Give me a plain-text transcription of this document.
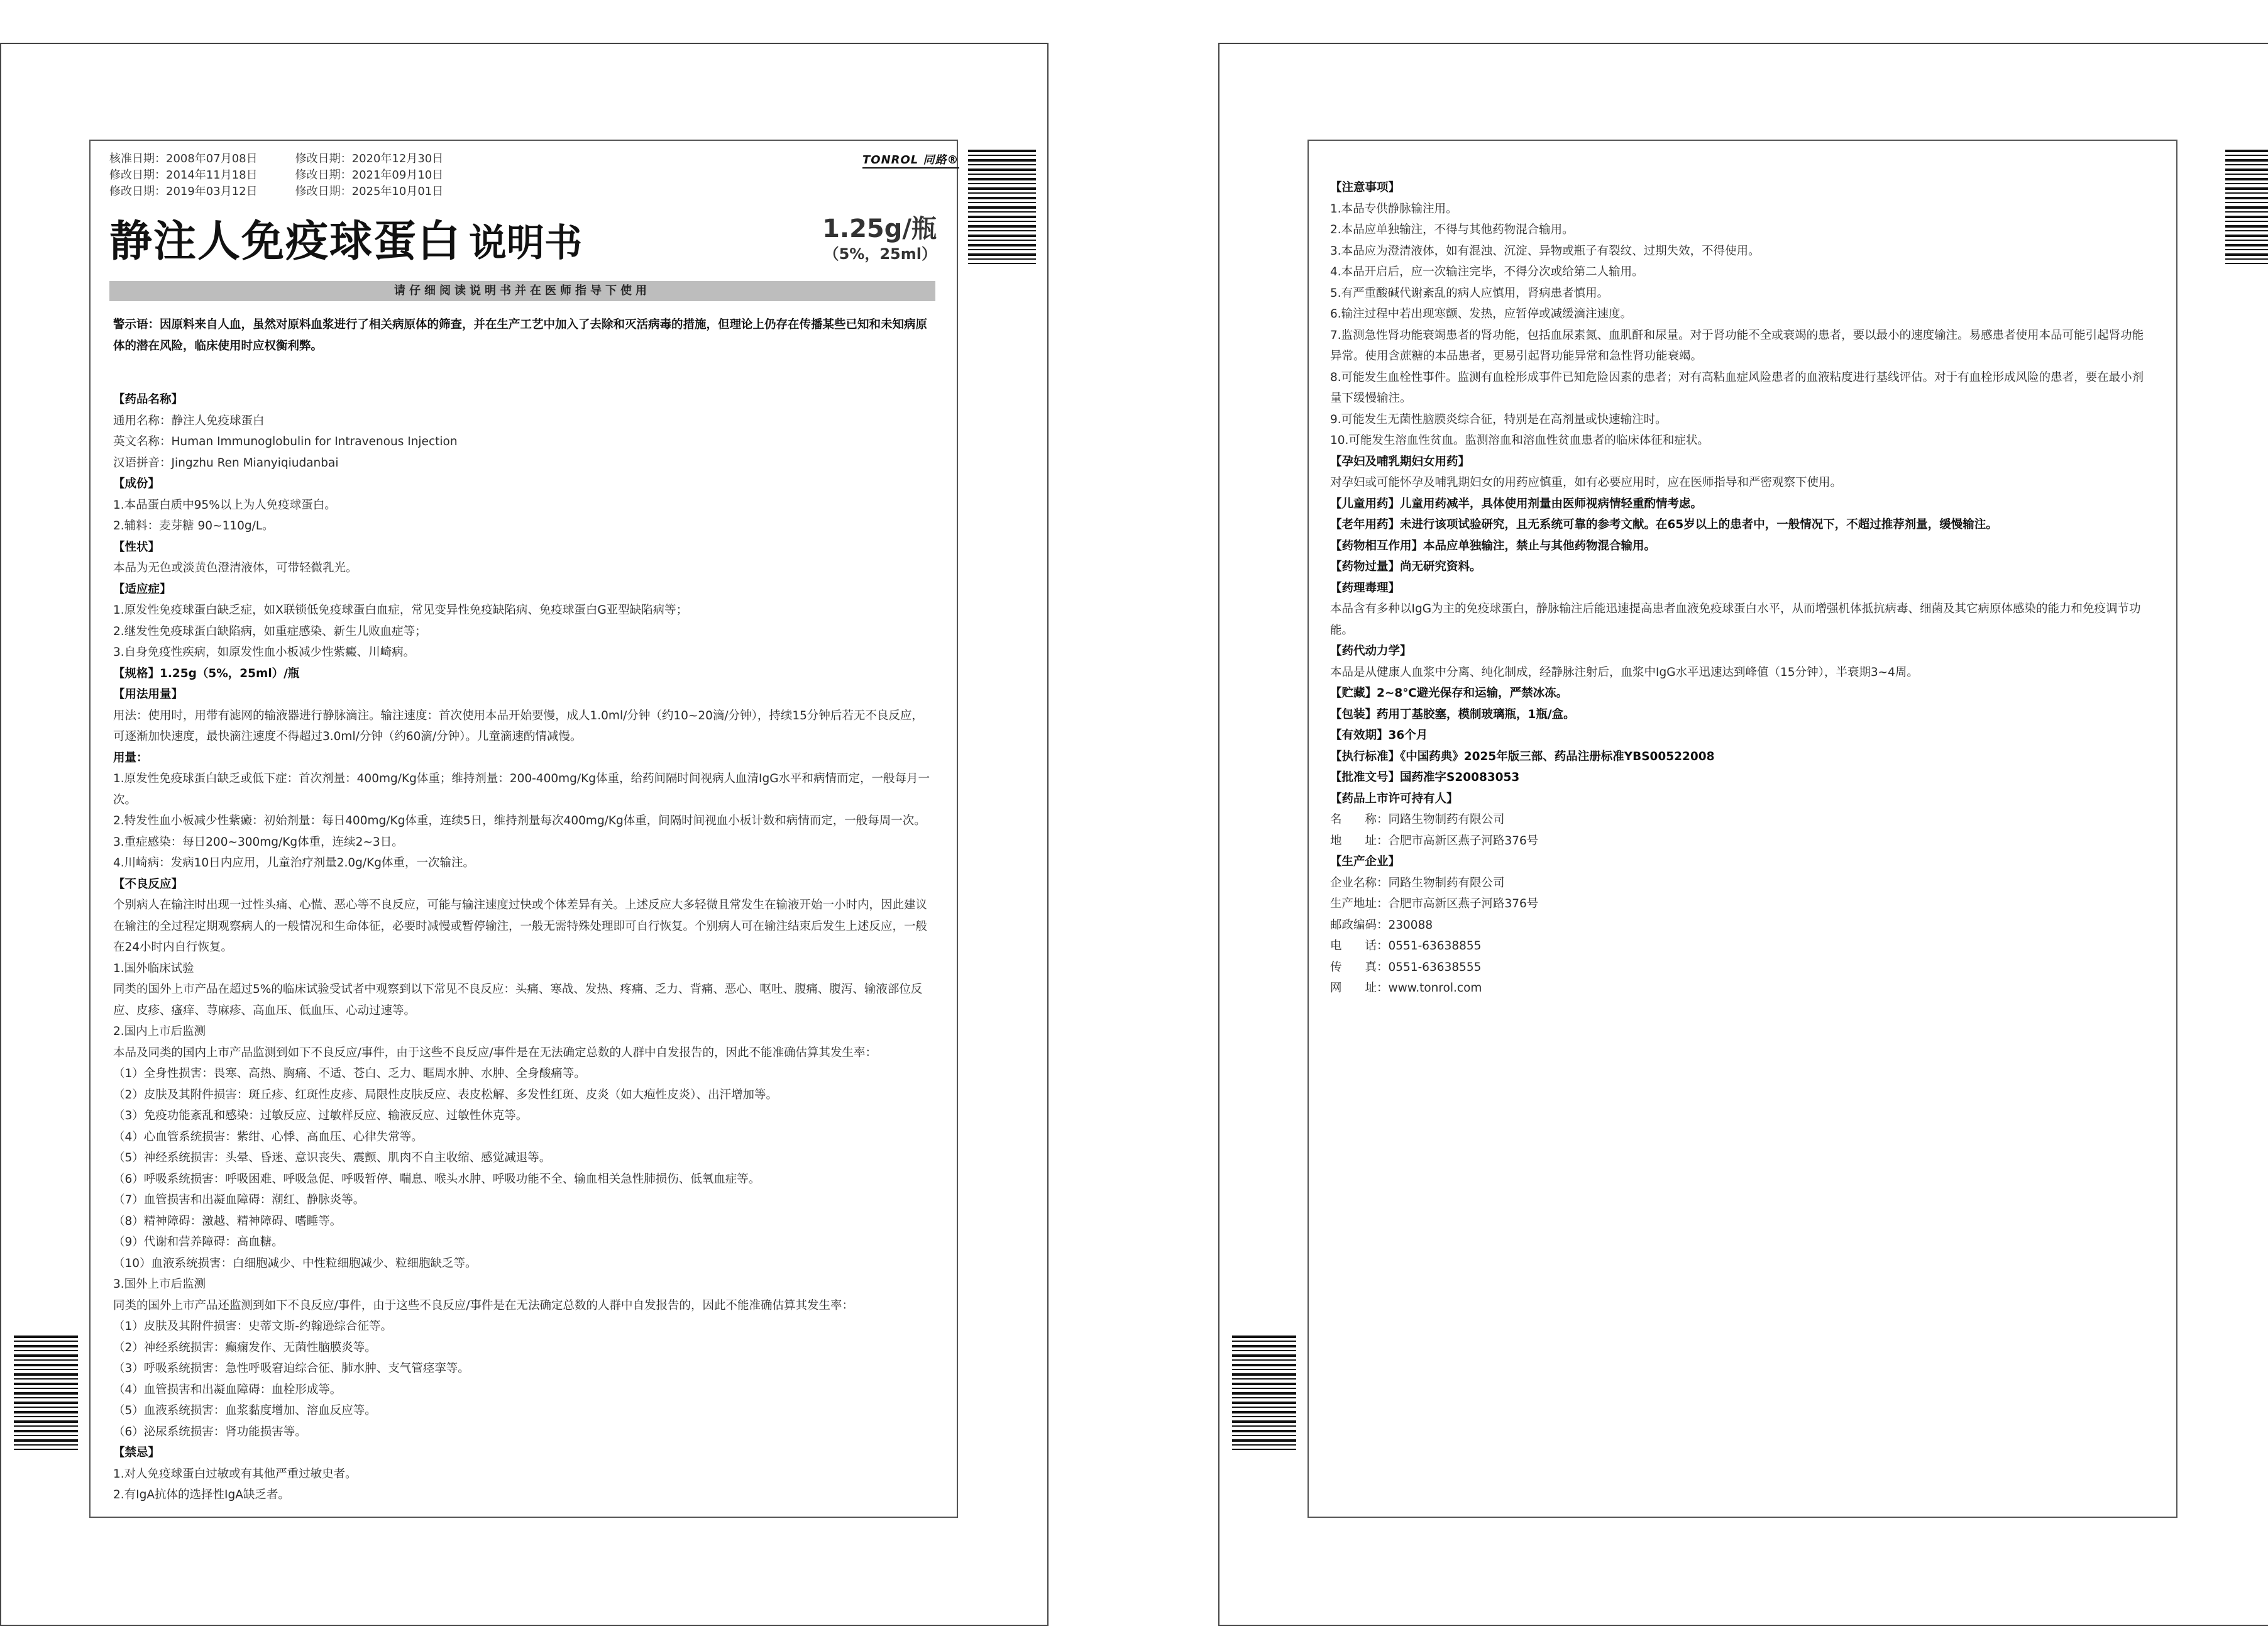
核准日期：2008年07月08日	修改日期：2020年12月30日
修改日期：2014年11月18日	修改日期：2021年09月10日
修改日期：2019年03月12日	修改日期：2025年10月01日
TONROL 同路®
静注人免疫球蛋白 说明书	1.25g/瓶
（5%，25ml）
请仔细阅读说明书并在医师指导下使用
警示语：因原料来自人血，虽然对原料血浆进行了相关病原体的筛查，并在生产工艺中加入了去除和灭活病毒的措施，但理论上仍存在传播某些已知和未知病原体的潜在风险，临床使用时应权衡利弊。
【药品名称】
通用名称：静注人免疫球蛋白
英文名称：Human Immunoglobulin for Intravenous Injection
汉语拼音：Jingzhu Ren Mianyiqiudanbai
【成份】
1.本品蛋白质中95%以上为人免疫球蛋白。
2.辅料：麦芽糖 90~110g/L。
【性状】
本品为无色或淡黄色澄清液体，可带轻微乳光。
【适应症】
1.原发性免疫球蛋白缺乏症，如X联锁低免疫球蛋白血症，常见变异性免疫缺陷病、免疫球蛋白G亚型缺陷病等；
2.继发性免疫球蛋白缺陷病，如重症感染、新生儿败血症等；
3.自身免疫性疾病，如原发性血小板减少性紫癜、川崎病。
【规格】1.25g（5%，25ml）/瓶
【用法用量】
用法：使用时，用带有滤网的输液器进行静脉滴注。输注速度：首次使用本品开始要慢，成人1.0ml/分钟（约10~20滴/分钟），持续15分钟后若无不良反应，可逐渐加快速度，最快滴注速度不得超过3.0ml/分钟（约60滴/分钟）。儿童滴速酌情减慢。
用量：
1.原发性免疫球蛋白缺乏或低下症：首次剂量：400mg/Kg体重；维持剂量：200-400mg/Kg体重，给药间隔时间视病人血清IgG水平和病情而定，一般每月一次。
2.特发性血小板减少性紫癜：初始剂量：每日400mg/Kg体重，连续5日，维持剂量每次400mg/Kg体重，间隔时间视血小板计数和病情而定，一般每周一次。
3.重症感染：每日200~300mg/Kg体重，连续2~3日。
4.川崎病：发病10日内应用，儿童治疗剂量2.0g/Kg体重，一次输注。
【不良反应】
个别病人在输注时出现一过性头痛、心慌、恶心等不良反应，可能与输注速度过快或个体差异有关。上述反应大多轻微且常发生在输液开始一小时内，因此建议在输注的全过程定期观察病人的一般情况和生命体征，必要时减慢或暂停输注，一般无需特殊处理即可自行恢复。个别病人可在输注结束后发生上述反应，一般在24小时内自行恢复。
1.国外临床试验
同类的国外上市产品在超过5%的临床试验受试者中观察到以下常见不良反应：头痛、寒战、发热、疼痛、乏力、背痛、恶心、呕吐、腹痛、腹泻、输液部位反应、皮疹、瘙痒、荨麻疹、高血压、低血压、心动过速等。
2.国内上市后监测
本品及同类的国内上市产品监测到如下不良反应/事件，由于这些不良反应/事件是在无法确定总数的人群中自发报告的，因此不能准确估算其发生率：
（1）全身性损害：畏寒、高热、胸痛、不适、苍白、乏力、眶周水肿、水肿、全身酸痛等。
（2）皮肤及其附件损害：斑丘疹、红斑性皮疹、局限性皮肤反应、表皮松解、多发性红斑、皮炎（如大疱性皮炎）、出汗增加等。
（3）免疫功能紊乱和感染：过敏反应、过敏样反应、输液反应、过敏性休克等。
（4）心血管系统损害：紫绀、心悸、高血压、心律失常等。
（5）神经系统损害：头晕、昏迷、意识丧失、震颤、肌肉不自主收缩、感觉减退等。
（6）呼吸系统损害：呼吸困难、呼吸急促、呼吸暂停、喘息、喉头水肿、呼吸功能不全、输血相关急性肺损伤、低氧血症等。
（7）血管损害和出凝血障碍：潮红、静脉炎等。
（8）精神障碍：激越、精神障碍、嗜睡等。
（9）代谢和营养障碍：高血糖。
（10）血液系统损害：白细胞减少、中性粒细胞减少、粒细胞缺乏等。
3.国外上市后监测
同类的国外上市产品还监测到如下不良反应/事件，由于这些不良反应/事件是在无法确定总数的人群中自发报告的，因此不能准确估算其发生率：
（1）皮肤及其附件损害：史蒂文斯-约翰逊综合征等。
（2）神经系统损害：癫痫发作、无菌性脑膜炎等。
（3）呼吸系统损害：急性呼吸窘迫综合征、肺水肿、支气管痉挛等。
（4）血管损害和出凝血障碍：血栓形成等。
（5）血液系统损害：血浆黏度增加、溶血反应等。
（6）泌尿系统损害：肾功能损害等。
【禁忌】
1.对人免疫球蛋白过敏或有其他严重过敏史者。
2.有IgA抗体的选择性IgA缺乏者。
【注意事项】
1.本品专供静脉输注用。
2.本品应单独输注，不得与其他药物混合输用。
3.本品应为澄清液体，如有混浊、沉淀、异物或瓶子有裂纹、过期失效，不得使用。
4.本品开启后，应一次输注完毕，不得分次或给第二人输用。
5.有严重酸碱代谢紊乱的病人应慎用，肾病患者慎用。
6.输注过程中若出现寒颤、发热，应暂停或减缓滴注速度。
7.监测急性肾功能衰竭患者的肾功能，包括血尿素氮、血肌酐和尿量。对于肾功能不全或衰竭的患者，要以最小的速度输注。易感患者使用本品可能引起肾功能异常。使用含蔗糖的本品患者，更易引起肾功能异常和急性肾功能衰竭。
8.可能发生血栓性事件。监测有血栓形成事件已知危险因素的患者；对有高粘血症风险患者的血液粘度进行基线评估。对于有血栓形成风险的患者，要在最小剂量下缓慢输注。
9.可能发生无菌性脑膜炎综合征，特别是在高剂量或快速输注时。
10.可能发生溶血性贫血。监测溶血和溶血性贫血患者的临床体征和症状。
【孕妇及哺乳期妇女用药】
对孕妇或可能怀孕及哺乳期妇女的用药应慎重，如有必要应用时，应在医师指导和严密观察下使用。
【儿童用药】儿童用药减半，具体使用剂量由医师视病情轻重酌情考虑。
【老年用药】未进行该项试验研究，且无系统可靠的参考文献。在65岁以上的患者中，一般情况下，不超过推荐剂量，缓慢输注。
【药物相互作用】本品应单独输注，禁止与其他药物混合输用。
【药物过量】尚无研究资料。
【药理毒理】
本品含有多种以IgG为主的免疫球蛋白，静脉输注后能迅速提高患者血液免疫球蛋白水平，从而增强机体抵抗病毒、细菌及其它病原体感染的能力和免疫调节功能。
【药代动力学】
本品是从健康人血浆中分离、纯化制成，经静脉注射后，血浆中IgG水平迅速达到峰值（15分钟），半衰期3~4周。
【贮藏】2~8℃避光保存和运输，严禁冰冻。
【包装】药用丁基胶塞，模制玻璃瓶，1瓶/盒。
【有效期】36个月
【执行标准】《中国药典》2025年版三部、药品注册标准YBS00522008
【批准文号】国药准字S20083053
【药品上市许可持有人】
名　　称：同路生物制药有限公司
地　　址：合肥市高新区燕子河路376号
【生产企业】
企业名称：同路生物制药有限公司
生产地址：合肥市高新区燕子河路376号
邮政编码：230088
电　　话：0551-63638855
传　　真：0551-63638555
网　　址：www.tonrol.com
